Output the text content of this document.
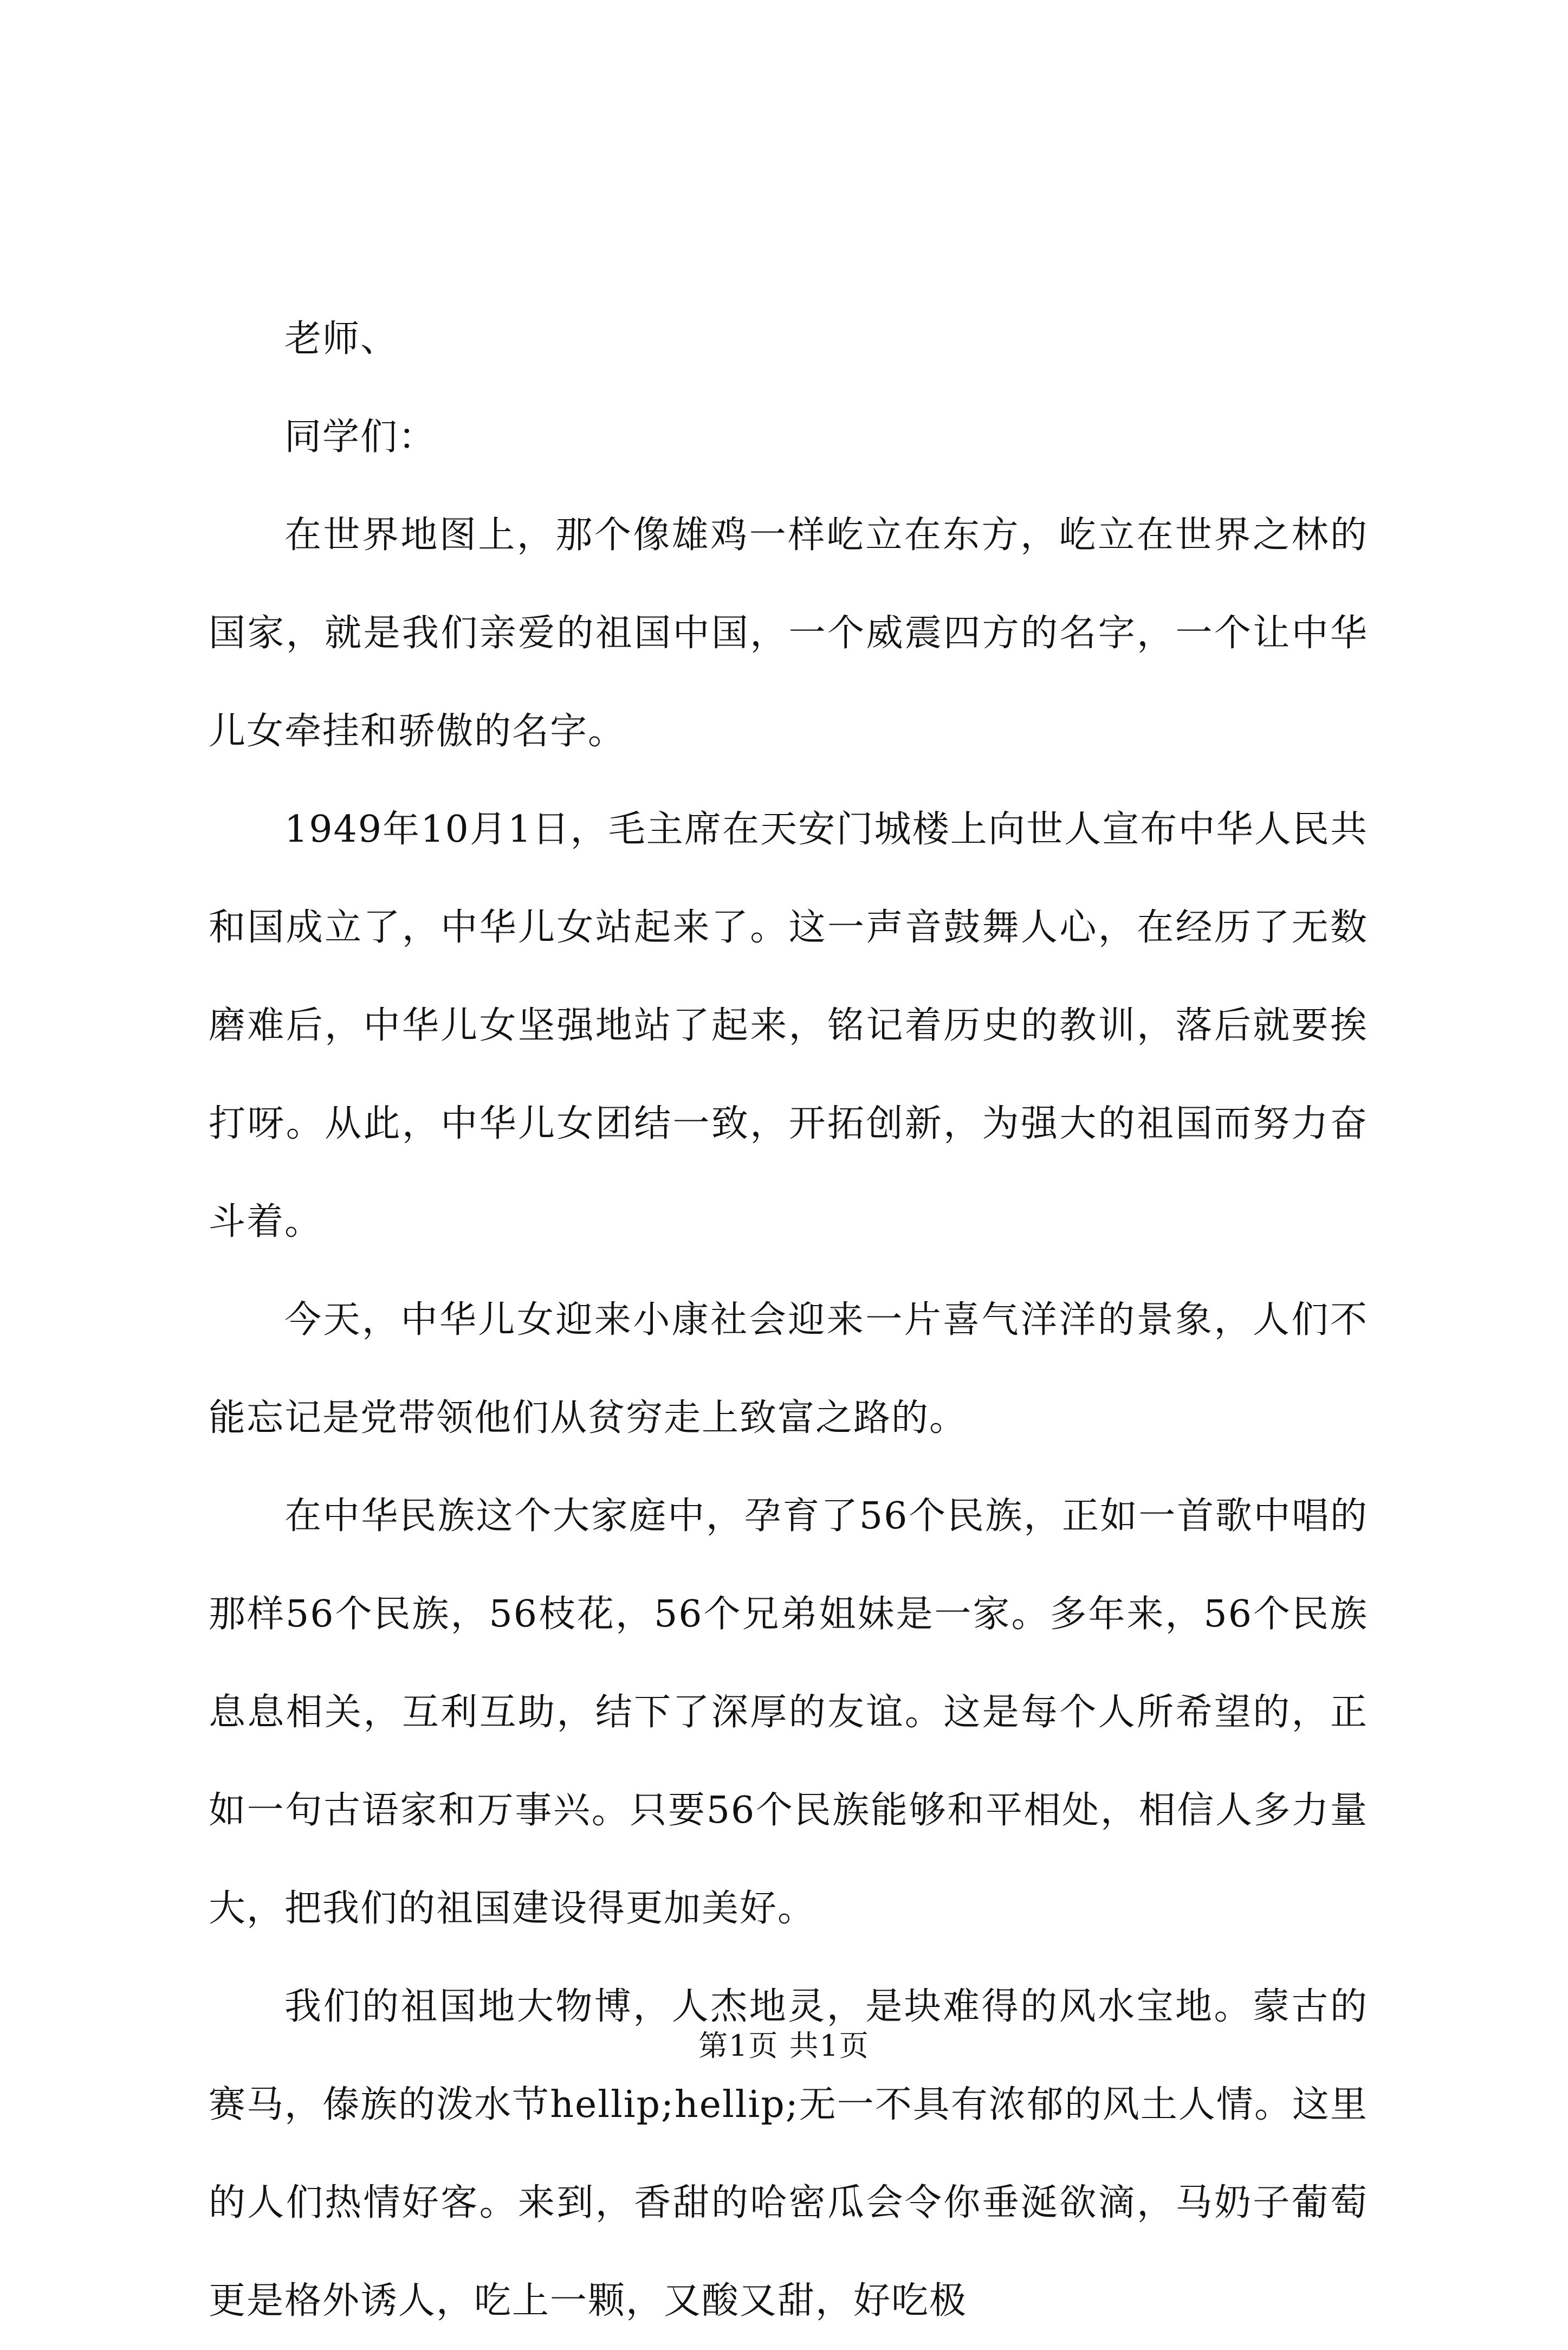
老师、

同学们：

在世界地图上，那个像雄鸡一样屹立在东方，屹立在世界之林的国家，就是我们亲爱的祖国中国，一个威震四方的名字，一个让中华儿女牵挂和骄傲的名字。

1949年10月1日，毛主席在天安门城楼上向世人宣布中华人民共和国成立了，中华儿女站起来了。这一声音鼓舞人心，在经历了无数磨难后，中华儿女坚强地站了起来，铭记着历史的教训，落后就要挨打呀。从此，中华儿女团结一致，开拓创新，为强大的祖国而努力奋斗着。

今天，中华儿女迎来小康社会迎来一片喜气洋洋的景象，人们不能忘记是党带领他们从贫穷走上致富之路的。

在中华民族这个大家庭中，孕育了56个民族，正如一首歌中唱的那样56个民族，56枝花，56个兄弟姐妹是一家。多年来，56个民族息息相关，互利互助，结下了深厚的友谊。这是每个人所希望的，正如一句古语家和万事兴。只要56个民族能够和平相处，相信人多力量大，把我们的祖国建设得更加美好。

我们的祖国地大物博，人杰地灵，是块难得的风水宝地。蒙古的赛马，傣族的泼水节hellip;hellip;无一不具有浓郁的风土人情。这里的人们热情好客。来到，香甜的哈密瓜会令你垂涎欲滴，马奶子葡萄更是格外诱人，吃上一颗，又酸又甜，好吃极

第1页 共1页
